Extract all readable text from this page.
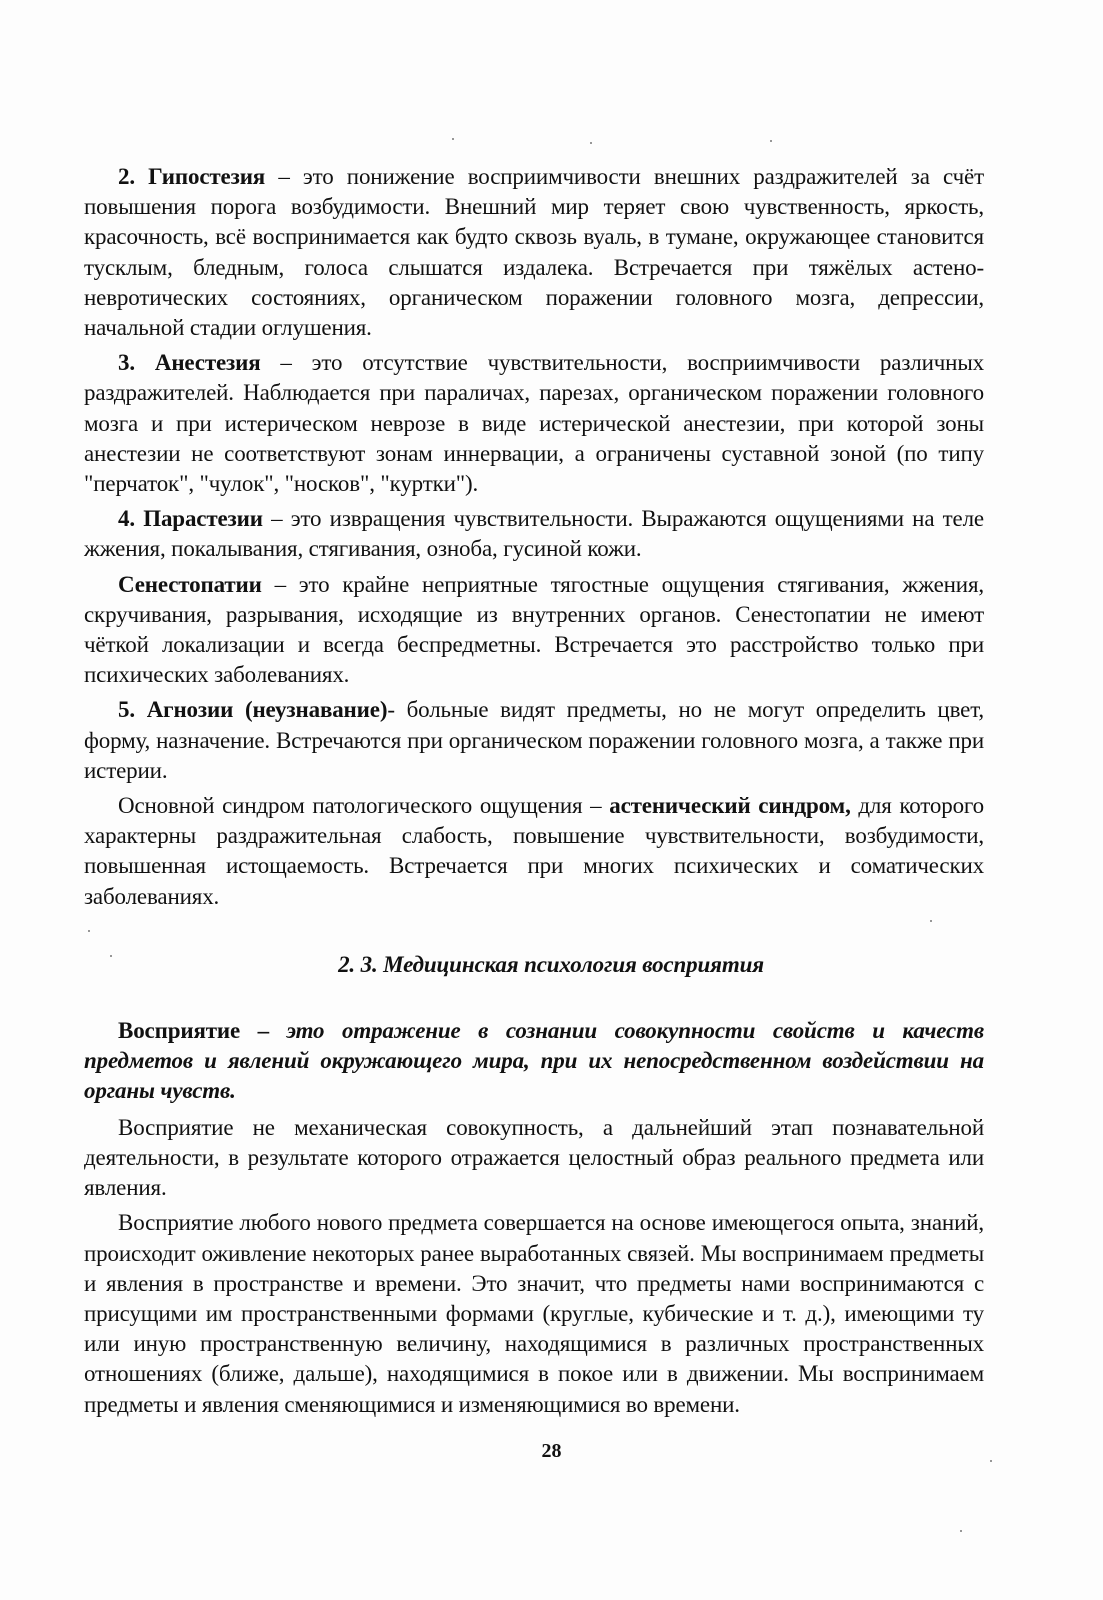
2. Гипостезия – это понижение восприимчивости внешних раздражителей за счёт повышения порога возбудимости. Внешний мир теряет свою чувственность, яркость, красочность, всё воспринимается как будто сквозь вуаль, в тумане, окружающее становится тусклым, бледным, голоса слышатся издалека. Встречается при тяжёлых астено-невротических состояниях, органическом поражении головного мозга, депрессии, начальной стадии оглушения.

3. Анестезия – это отсутствие чувствительности, восприимчивости различных раздражителей. Наблюдается при параличах, парезах, органическом поражении головного мозга и при истерическом неврозе в виде истерической анестезии, при которой зоны анестезии не соответствуют зонам иннервации, а ограничены суставной зоной (по типу "перчаток", "чулок", "носков", "куртки").

4. Парастезии – это извращения чувствительности. Выражаются ощущениями на теле жжения, покалывания, стягивания, озноба, гусиной кожи.

Сенестопатии – это крайне неприятные тягостные ощущения стягивания, жжения, скручивания, разрывания, исходящие из внутренних органов. Сенестопатии не имеют чёткой локализации и всегда беспредметны. Встречается это расстройство только при психических заболеваниях.

5. Агнозии (неузнавание)- больные видят предметы, но не могут определить цвет, форму, назначение. Встречаются при органическом поражении головного мозга, а также при истерии.

Основной синдром патологического ощущения – астенический синдром, для которого характерны раздражительная слабость, повышение чувствительности, возбудимости, повышенная истощаемость. Встречается при многих психических и соматических заболеваниях.

2. 3. Медицинская психология восприятия

Восприятие – это отражение в сознании совокупности свойств и качеств предметов и явлений окружающего мира, при их непосредственном воздействии на органы чувств.

Восприятие не механическая совокупность, а дальнейший этап познавательной деятельности, в результате которого отражается целостный образ реального предмета или явления.

Восприятие любого нового предмета совершается на основе имеющегося опыта, знаний, происходит оживление некоторых ранее выработанных связей. Мы воспринимаем предметы и явления в пространстве и времени. Это значит, что предметы нами воспринимаются с присущими им пространственными формами (круглые, кубические и т. д.), имеющими ту или иную пространственную величину, находящимися в различных пространственных отношениях (ближе, дальше), находящимися в покое или в движении. Мы воспринимаем предметы и явления сменяющимися и изменяющимися во времени.

28
